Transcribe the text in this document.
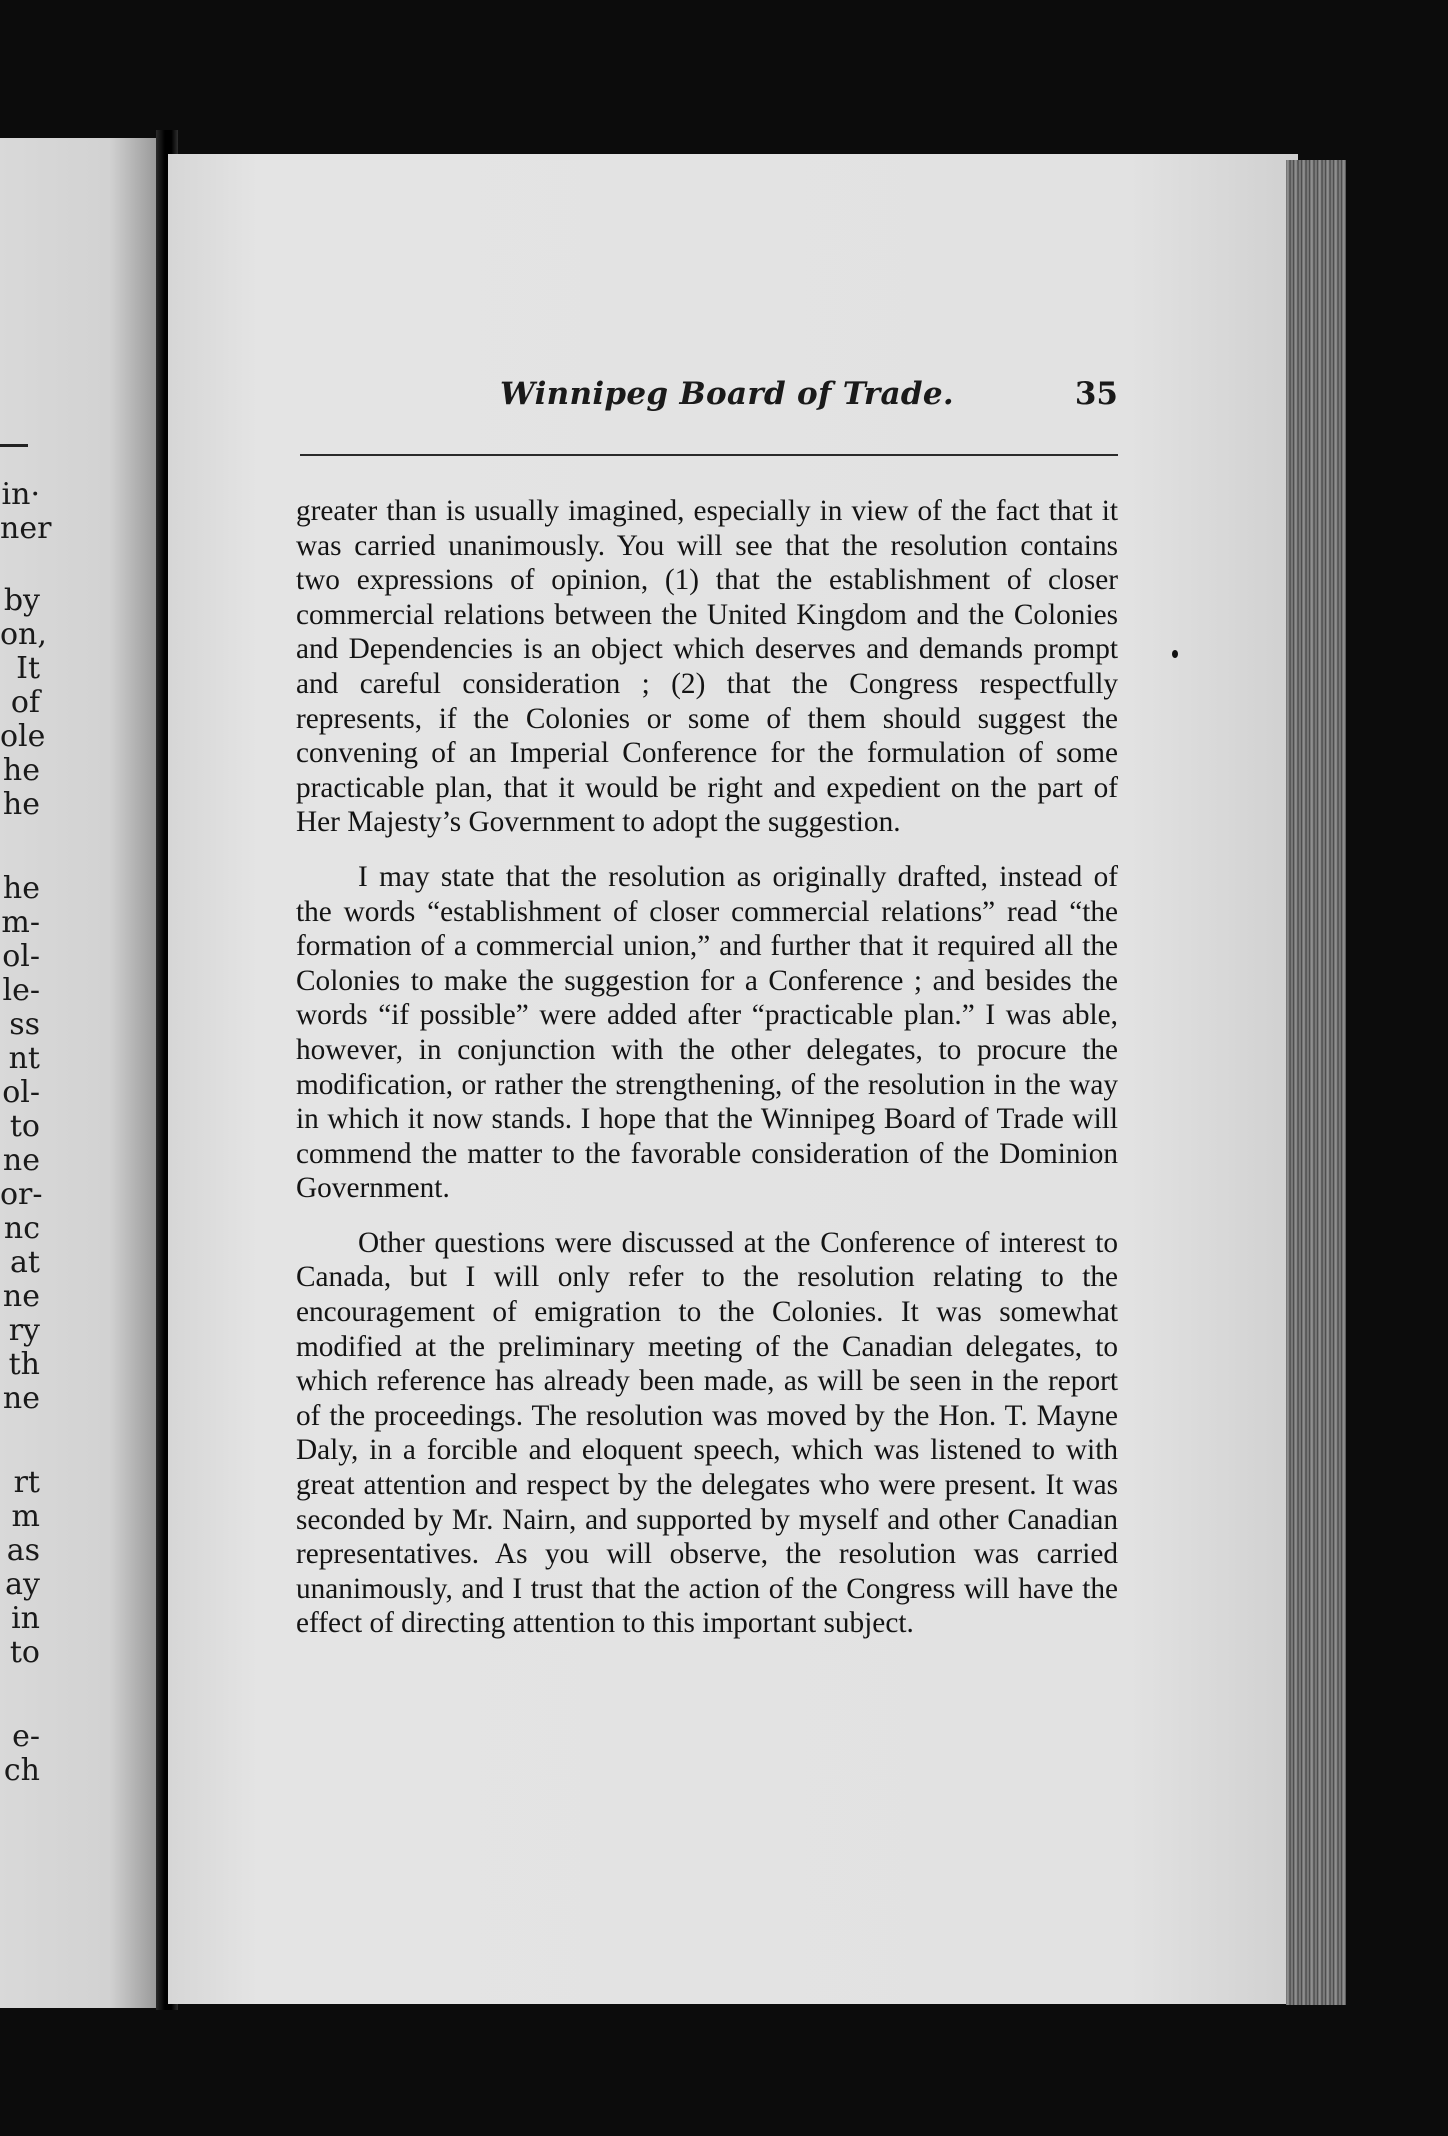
in·
ner
by
on,
It
of
ole
he
he
he
m-
ol-
le-
ss
nt
ol-
to
ne
or-
nc
at
ne
ry
th
ne
rt
m
as
ay
in
to
e-
ch
Winnipeg Board of Trade.	35

greater than is usually imagined, especially in view of the fact that it was carried unanimously. You will see that the resolution contains two expressions of opinion, (1) that the establishment of closer commercial relations between the United Kingdom and the Colonies and Dependencies is an object which deserves and demands prompt and careful consideration ; (2) that the Congress respectfully represents, if the Colonies or some of them should suggest the convening of an Imperial Conference for the formulation of some practicable plan, that it would be right and expedient on the part of Her Majesty’s Government to adopt the suggestion.

I may state that the resolution as originally drafted, instead of the words “establishment of closer commercial relations” read “the formation of a commercial union,” and further that it required all the Colonies to make the suggestion for a Conference ; and besides the words “if possible” were added after “practicable plan.” I was able, however, in conjunction with the other delegates, to procure the modification, or rather the strengthening, of the resolution in the way in which it now stands. I hope that the Winnipeg Board of Trade will commend the matter to the favorable consideration of the Dominion Government.

Other questions were discussed at the Conference of interest to Canada, but I will only refer to the resolution relating to the encouragement of emigration to the Colonies. It was somewhat modified at the preliminary meeting of the Canadian delegates, to which reference has already been made, as will be seen in the report of the proceedings. The resolution was moved by the Hon. T. Mayne Daly, in a forcible and eloquent speech, which was listened to with great attention and respect by the delegates who were present. It was seconded by Mr. Nairn, and supported by myself and other Canadian representatives. As you will observe, the resolution was carried unanimously, and I trust that the action of the Congress will have the effect of directing attention to this important subject.
